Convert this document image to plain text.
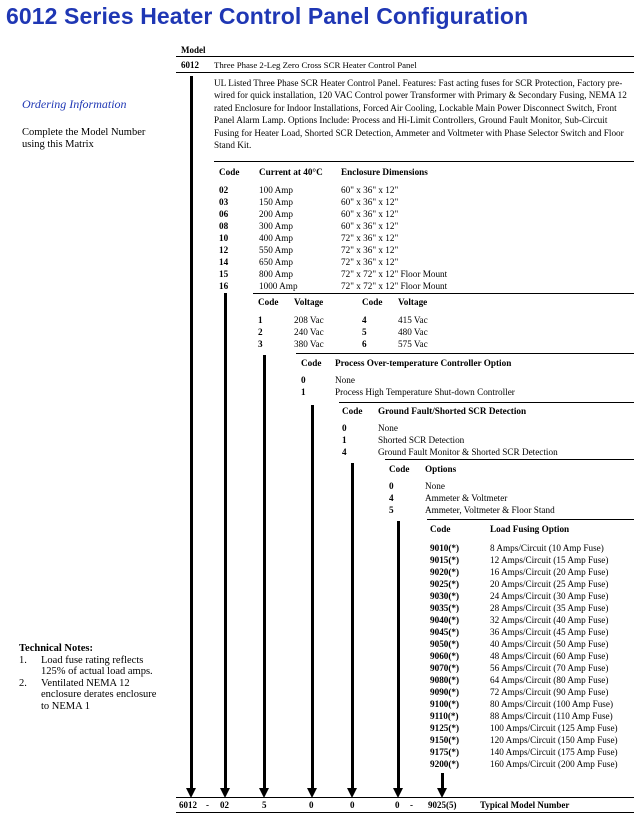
6012 Series Heater Control Panel Configuration
Model
6012 Three Phase 2-Leg Zero Cross SCR Heater Control Panel
UL Listed Three Phase SCR Heater Control Panel. Features: Fast acting fuses for SCR Protection, Factory pre-wired for quick installation, 120 VAC Control power Transformer with Primary & Secondary Fusing, NEMA 12 rated Enclosure for Indoor Installations, Forced Air Cooling, Lockable Main Power Disconnect Switch, Front Panel Alarm Lamp. Options Include: Process and Hi-Limit Controllers, Ground Fault Monitor, Sub-Circuit Fusing for Heater Load, Shorted SCR Detection, Ammeter and Voltmeter with Phase Selector Switch and Floor Stand Kit.
Ordering Information
Complete the Model Number using this Matrix
Code	Current at 40°C	Enclosure Dimensions

02	100 Amp	60" x 36" x 12"
03	150 Amp	60" x 36" x 12"
06	200 Amp	60" x 36" x 12"
08	300 Amp	60" x 36" x 12"
10	400 Amp	72" x 36" x 12"
12	550 Amp	72" x 36" x 12"
14	650 Amp	72" x 36" x 12"
15	800 Amp	72" x 72" x 12" Floor Mount
16	1000 Amp	72" x 72" x 12" Floor Mount
Code	Voltage	Code	Voltage

1	208 Vac	4	415 Vac
2	240 Vac	5	480 Vac
3	380 Vac	6	575 Vac
Code	Process Over-temperature Controller Option

0	None
1	Process High Temperature Shut-down Controller
Code	Ground Fault/Shorted SCR Detection

0	None
1	Shorted SCR Detection
4	Ground Fault Monitor & Shorted SCR Detection
Code	Options

0	None
4	Ammeter & Voltmeter
5	Ammeter, Voltmeter & Floor Stand
Code	Load Fusing Option

9010(*)	8 Amps/Circuit (10 Amp Fuse)
9015(*)	12 Amps/Circuit (15 Amp Fuse)
9020(*)	16 Amps/Circuit (20 Amp Fuse)
9025(*)	20 Amps/Circuit (25 Amp Fuse)
9030(*)	24 Amps/Circuit (30 Amp Fuse)
9035(*)	28 Amps/Circuit (35 Amp Fuse)
9040(*)	32 Amps/Circuit (40 Amp Fuse)
9045(*)	36 Amps/Circuit (45 Amp Fuse)
9050(*)	40 Amps/Circuit (50 Amp Fuse)
9060(*)	48 Amps/Circuit (60 Amp Fuse)
9070(*)	56 Amps/Circuit (70 Amp Fuse)
9080(*)	64 Amps/Circuit (80 Amp Fuse)
9090(*)	72 Amps/Circuit (90 Amp Fuse)
9100(*)	80 Amps/Circuit (100 Amp Fuse)
9110(*)	88 Amps/Circuit (110 Amp Fuse)
9125(*)	100 Amps/Circuit (125 Amp Fuse)
9150(*)	120 Amps/Circuit (150 Amp Fuse)
9175(*)	140 Amps/Circuit (175 Amp Fuse)
9200(*)	160 Amps/Circuit (200 Amp Fuse)
Technical Notes:
1.	Load fuse rating reflects 125% of actual load amps.
2.	Ventilated NEMA 12 enclosure derates enclosure to NEMA 1
6012 - 02	5	0	0	0 - 9025(5)	Typical Model Number
